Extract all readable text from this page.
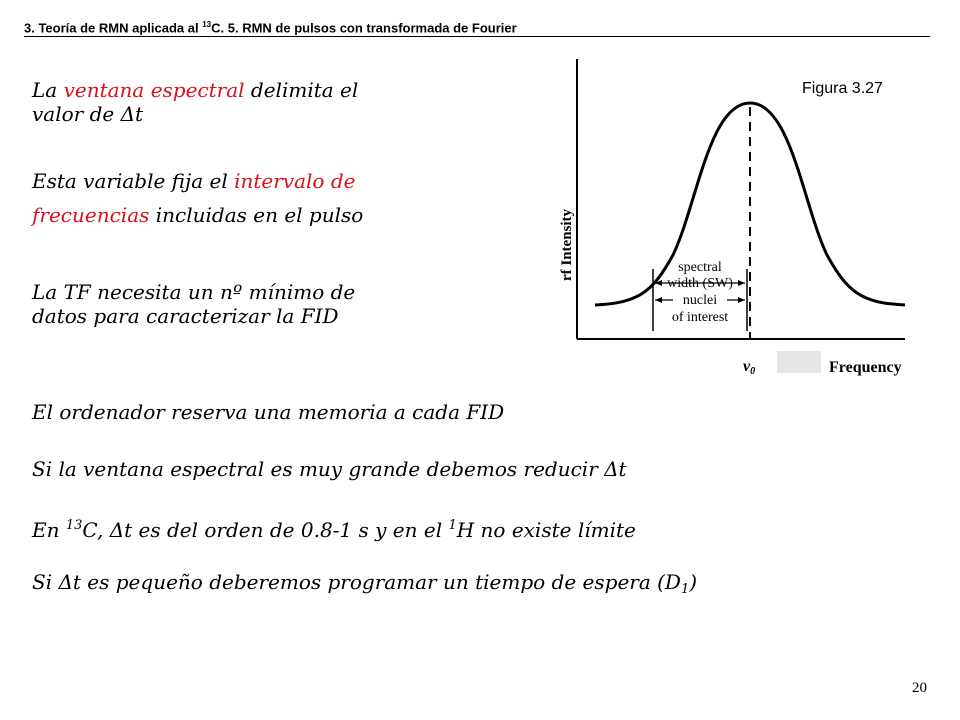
3. Teoría de RMN aplicada al $^{13}$C. 5. RMN de pulsos con transformada de Fourier
La ventana espectral delimita el
valor de Δt
Esta variable fija el intervalo de
frecuencias incluidas en el pulso
La TF necesita un nº mínimo de
datos para caracterizar la FID
Figura 3.27
spectral
width (SW)
nuclei
of interest
rf Intensity
ν0	Frequency
El ordenador reserva una memoria a cada FID
Si la ventana espectral es muy grande debemos reducir Δt
En $^{13}$C, Δt es del orden de 0.8-1 s y en el $^1$H no existe límite
Si Δt es pequeño deberemos programar un tiempo de espera $(D_1)$
20
